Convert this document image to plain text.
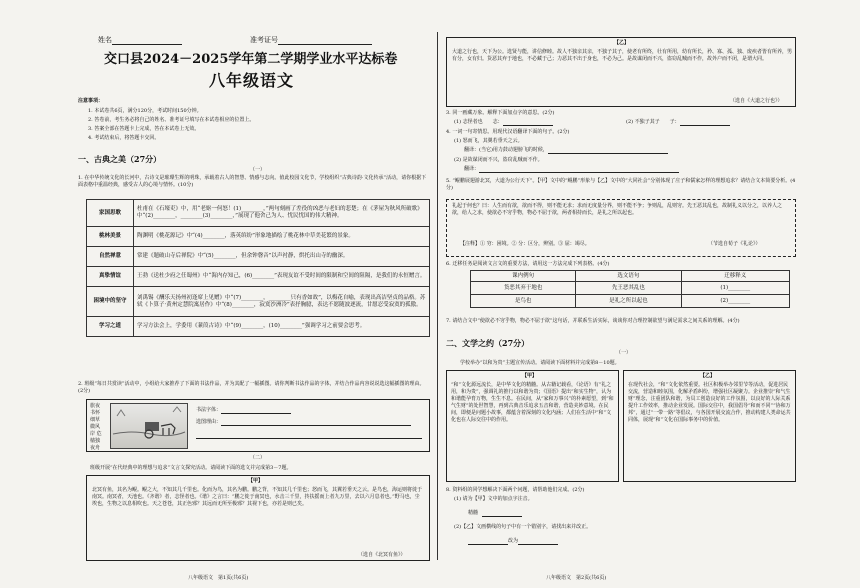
姓名	准考证号
交口县2024－2025学年第二学期学业水平达标卷
八年级语文
注意事项：
1. 本试卷共6页，满分120分，考试时间150分钟。
2. 答卷前，考生务必将自己的姓名、准考证号填写在本试卷相应的位置上。
3. 答案全部在答题卡上完成，答在本试卷上无效。
4. 考试结束后，将答题卡交回。
一、古典之美（27分）
（一）
1. 在中华传统文化的长河中，古诗文是璀璨生辉的明珠，承载着古人的智慧、情感与志向。值此校园文化节，学校组织“古典诗韵·文化传承”活动，请你根据下面表格中重温经典，感受古人的心境与情怀。(10分)
家国思歌	杜甫在《石壕吏》中，用“老妪一何怒！(1)________，”两句刻画了差役的凶恶与老妇的悲楚；在《茅屋为秋风所破歌》中“(2)________，________(3)________，”展现了他舍己为人、忧民忧国的伟大精神。
桃林美景	陶渊明《桃花源记》中“(4)________，落英缤纷”形象地描绘了桃花林中草美花繁的景象。
自然禅意	常建《题破山寺后禅院》中“(5)________，但余钟磬音”以声衬静，烘托出山寺的幽深。
真挚情谊	王勃《送杜少府之任蜀州》中“海内存知己，(6)________”表现友谊不受时间的限制和空间的阻隔，是我们的永恒赠言。
困境中的坚守	刘禹锡《酬乐天扬州初逢席上见赠》中“(7)________，________只有香如故”，以梅花自喻，表现出高洁坚贞的品格。苏轼《卜算子·黄州定慧院寓居作》中“(8)________，寂寞沙洲冷”表抒胸臆，表达不愿随波逐流，甘愿忍受寂寞的孤傲。
学习之道	学习方法会上，学委用《蒹葭古诗》中“(9)________，(10)________”强调学习之前要会思考。
2. 班级“每日共赏读”活动中，小组给大家推荐了下面的书法作品，并为其配了一幅插图。请你判断书法作品的字体，并结合作品内容说说选这幅插图的理由。(2分)
旅夜书怀 细草微风岸 危樯独夜舟
书法字体：
选图理由：
（二）
班级开展“在代经典中的理想与追求”文言文探究活动。请阅读下面的选文并完成第3－7题。
【甲】
北冥有鱼，其名为鲲。鲲之大，不知其几千里也。化而为鸟，其名为鹏。鹏之背，不知其几千里也；怒而飞，其翼若垂天之云。是鸟也，海运则将徙于南冥。南冥者，天池也。《齐谐》者，志怪者也。《谐》之言曰：“鹏之徙于南冥也，水击三千里，抟扶摇而上者九万里，去以六月息者也。”野马也，尘埃也，生物之以息相吹也。天之苍苍，其正色邪？其远而无所至极邪？其视下也，亦若是则已矣。
（选自《北冥有鱼》）
八年级语文　第1页(共6页)
【乙】
大道之行也，天下为公。选贤与能，讲信修睦。故人不独亲其亲，不独子其子，使老有所终，壮有所用，幼有所长，矜、寡、孤、独、废疾者皆有所养，男有分，女有归。货恶其弃于地也，不必藏于己；力恶其不出于身也，不必为己。是故谋闭而不兴，盗窃乱贼而不作，故外户而不闭，是谓大同。
（选自《大道之行也》）
3. 同一画藏万象。解释下面加点字的意思。(2分)
(1) 志怪者也　　志：	(2) 不独子其子　　子：
4. 一词一句寄情思。用现代汉语翻译下面的句子。(2分)
(1) 怒而飞，其翼若垂天之云。
翻译：(当它)用力鼓动翅膀飞的时候，
(2) 是故谋闭而不兴，盗窃乱贼而不作。
翻译：
5. “鲲鹏展翅游北冥，大道为公行天下”。【甲】文中的“鲲鹏”形象与【乙】文中的“大同社会”分别体现了庄子和儒家怎样的理想追求？请结合文本简要分析。(4分)
礼起于何也？曰：人生而有欲，欲而不得，则不能无求；求而无度量分界，则不能不争；争则乱，乱则穷。先王恶其乱也，故制礼义以分之，以养人之欲，给人之求，使欲必不穷乎物，物必不屈于欲，两者相持而长，是礼之所以起也。
【注释】① 穷：困境。② 分：区分，辨别。③ 屈：竭尽。	（节选自荀子《礼论》）
6. 迁移任务是阅读文言文的重要方法，请用这一方法完成下列表格。(4分)
课内例句	选文语句	迁移释义
货恶其弃于地也	先王恶其乱也	(1)________
是鸟也	是礼之所以起也	(2)________
7. 请结合文中“使欲必不穷乎物，物必不屈于欲”这句话，并联系生活实际，谈谈你对合理控制欲望与满足需求之间关系的理解。(4分)
二、文学之约（27分）
（一）
学校举办“以和为贵”主题宣传活动。请阅读下面材料并完成第8－10题。
【甲】
“和”文化源远流长，是中华文化的精髓。从古籍记载看，《论语》有“礼之用，和为贵”，强调礼的推行以和谐为贵；《国语》提出“和实生物”，认为和谐能孕育万物，生生不息。在民间，从“家和万事兴”的朴素愿望，到“和气生财”的处世智慧，再到古典音乐追求五音和谐，营造美妙意境。在民间，即便是问题小故事，都蕴含着深刻的文化内涵；人们在生活中“和”文化也在人际交往中的作用。
【乙】
在现代社会，“和”文化依然重要。社区积极举办邻里节等活动，促进居民交流，营造和睦氛围，化解矛盾纠纷，增强社区凝聚力。企业推崇“和气生财”理念，注重团队和谐，为员工创造良好的工作氛围，以良好的人际关系提升工作效率，推动企业发展。国际交往中，我国倡导“和而不同”“协和万邦”，通过“一带一路”等倡议，与各国开展交流合作，推动构建人类命运共同体，展现“和”文化在国际事务中的价值。
8. 资料组的同学想解决下面两个问题，请帮助他们完成。(2分)
(1) 请为【甲】文中的加点字注音。
精髓
(2)【乙】文画横线的句子中有一个错别字，请找出来并改正。
改为
八年级语文　第2页(共6页)
